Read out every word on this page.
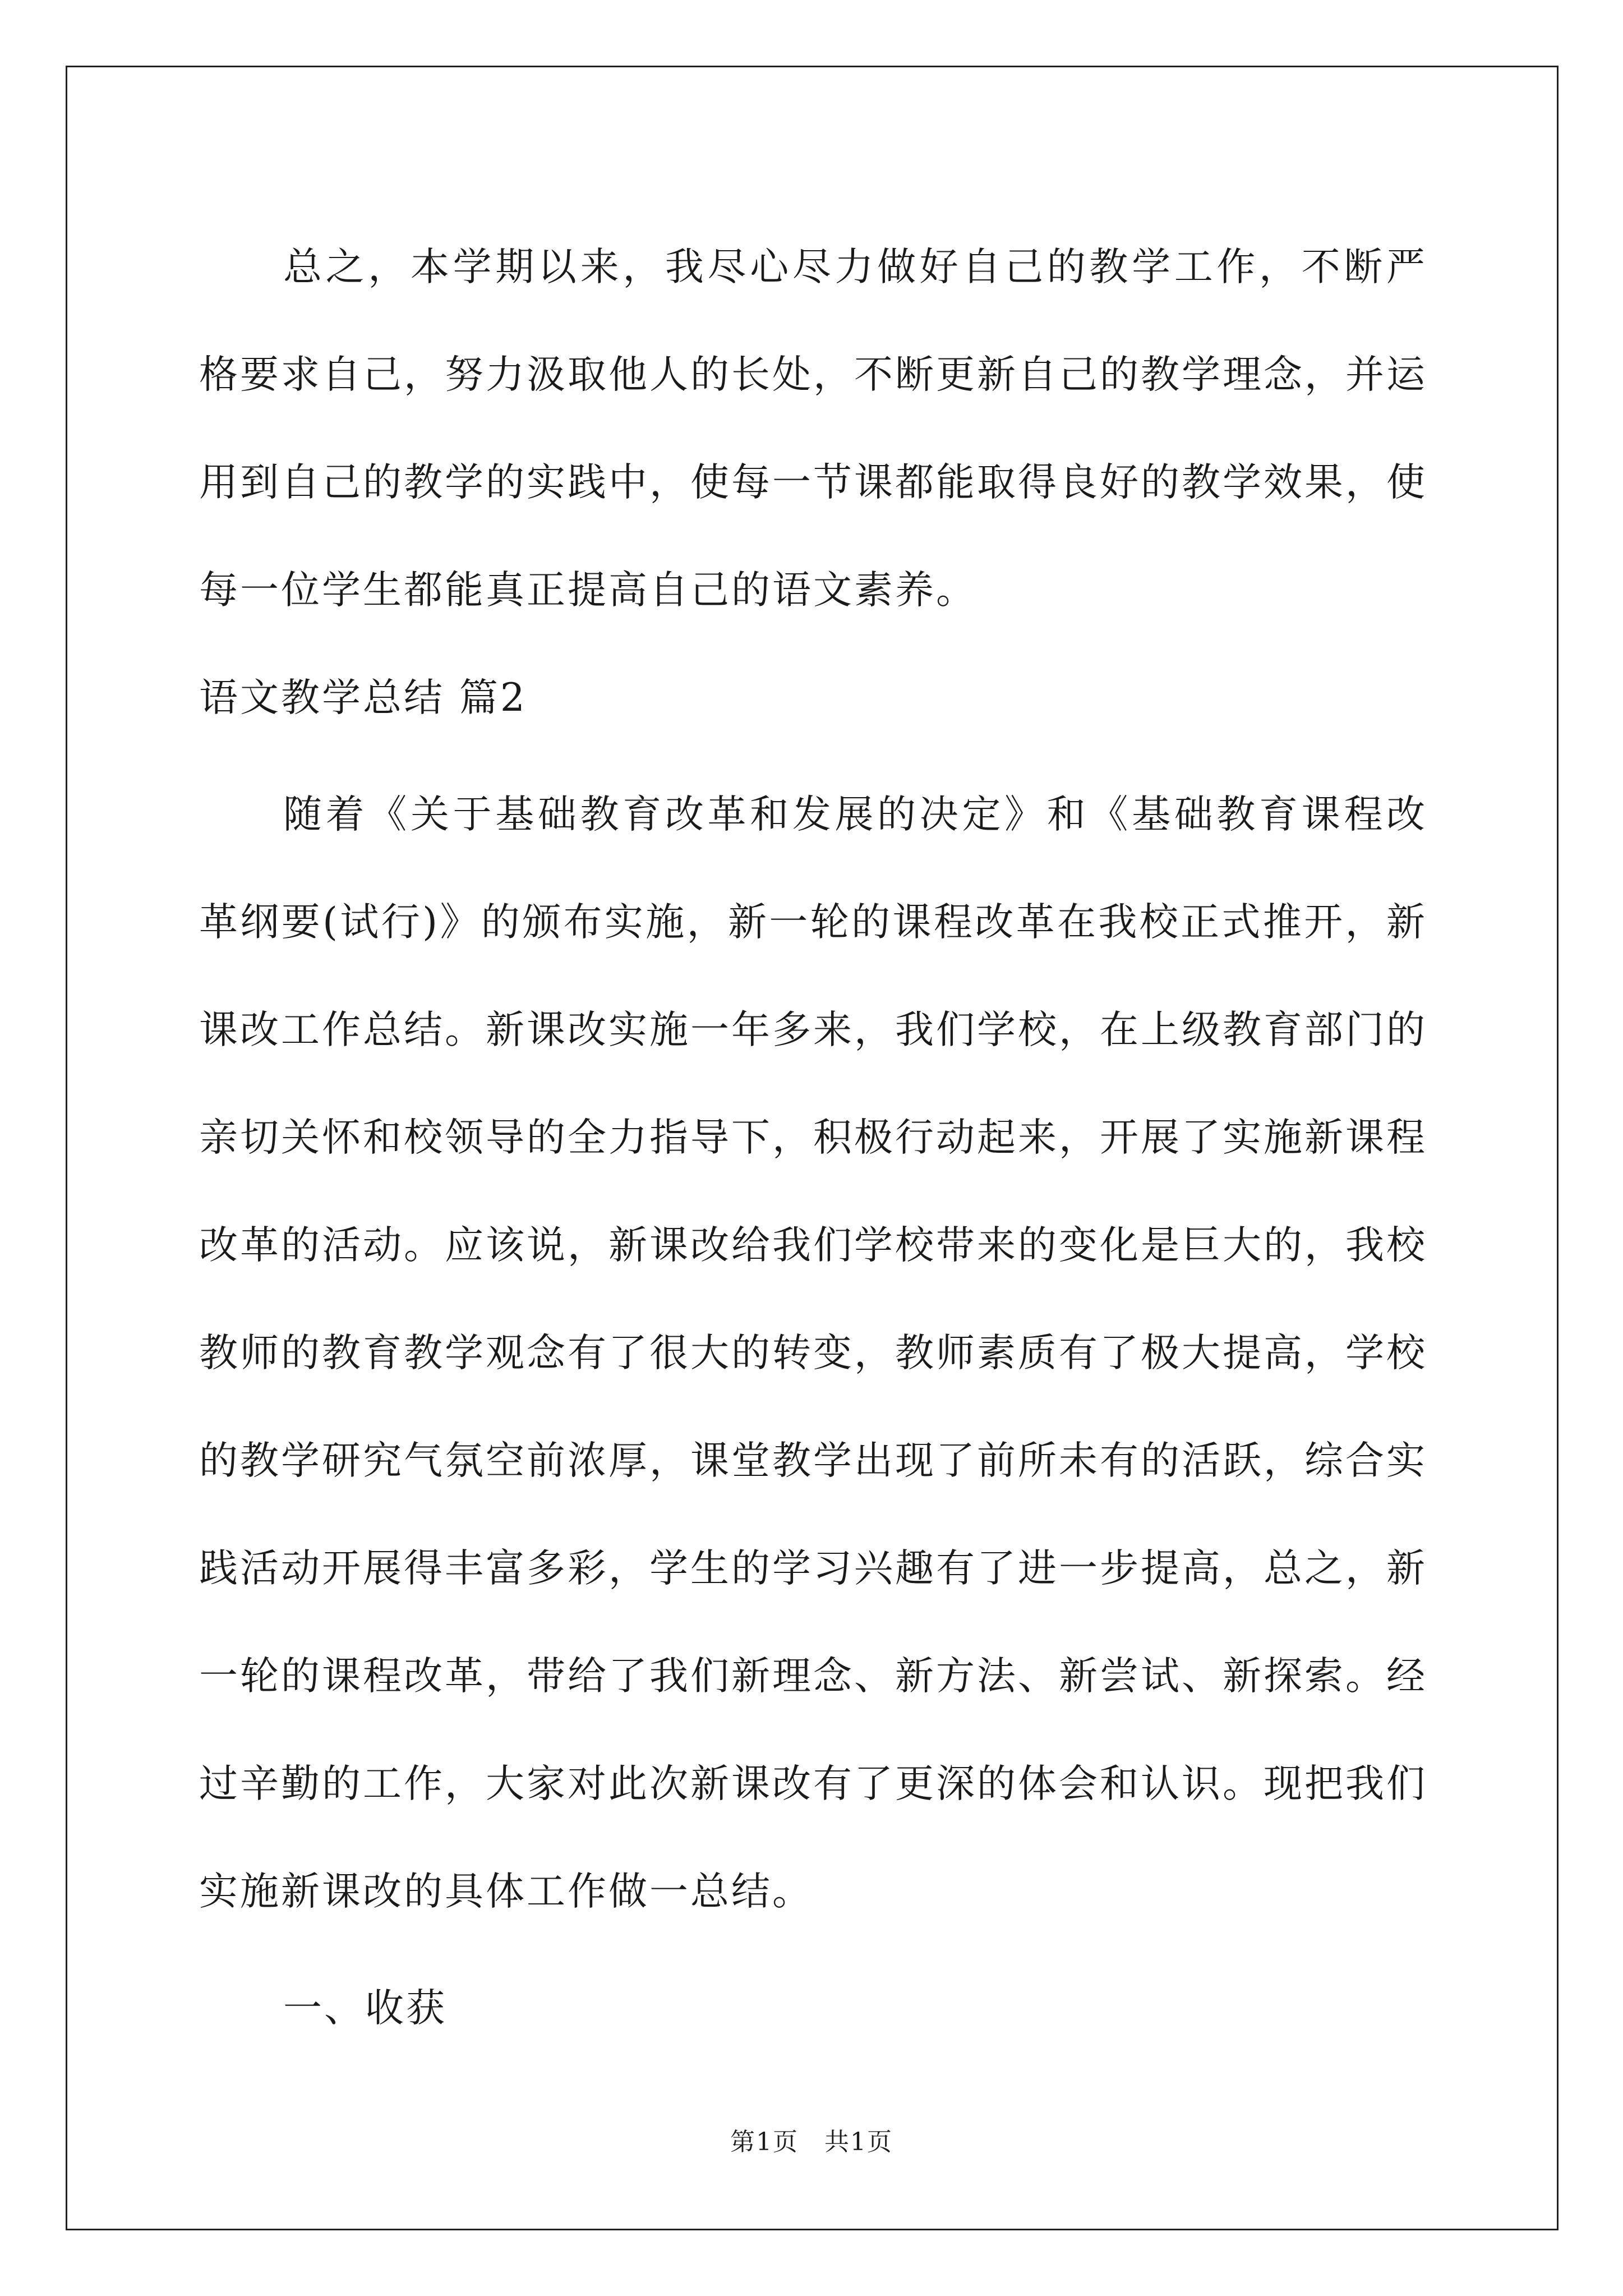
总之，本学期以来，我尽心尽力做好自己的教学工作，不断严格要求自己，努力汲取他人的长处，不断更新自己的教学理念，并运用到自己的教学的实践中，使每一节课都能取得良好的教学效果，使每一位学生都能真正提高自己的语文素养。

语文教学总结 篇2

随着《关于基础教育改革和发展的决定》和《基础教育课程改革纲要(试行)》的颁布实施，新一轮的课程改革在我校正式推开，新课改工作总结。新课改实施一年多来，我们学校，在上级教育部门的亲切关怀和校领导的全力指导下，积极行动起来，开展了实施新课程改革的活动。应该说，新课改给我们学校带来的变化是巨大的，我校教师的教育教学观念有了很大的转变，教师素质有了极大提高，学校的教学研究气氛空前浓厚，课堂教学出现了前所未有的活跃，综合实践活动开展得丰富多彩，学生的学习兴趣有了进一步提高，总之，新一轮的课程改革，带给了我们新理念、新方法、新尝试、新探索。经过辛勤的工作，大家对此次新课改有了更深的体会和认识。现把我们实施新课改的具体工作做一总结。

一、收获

第1页 共1页
